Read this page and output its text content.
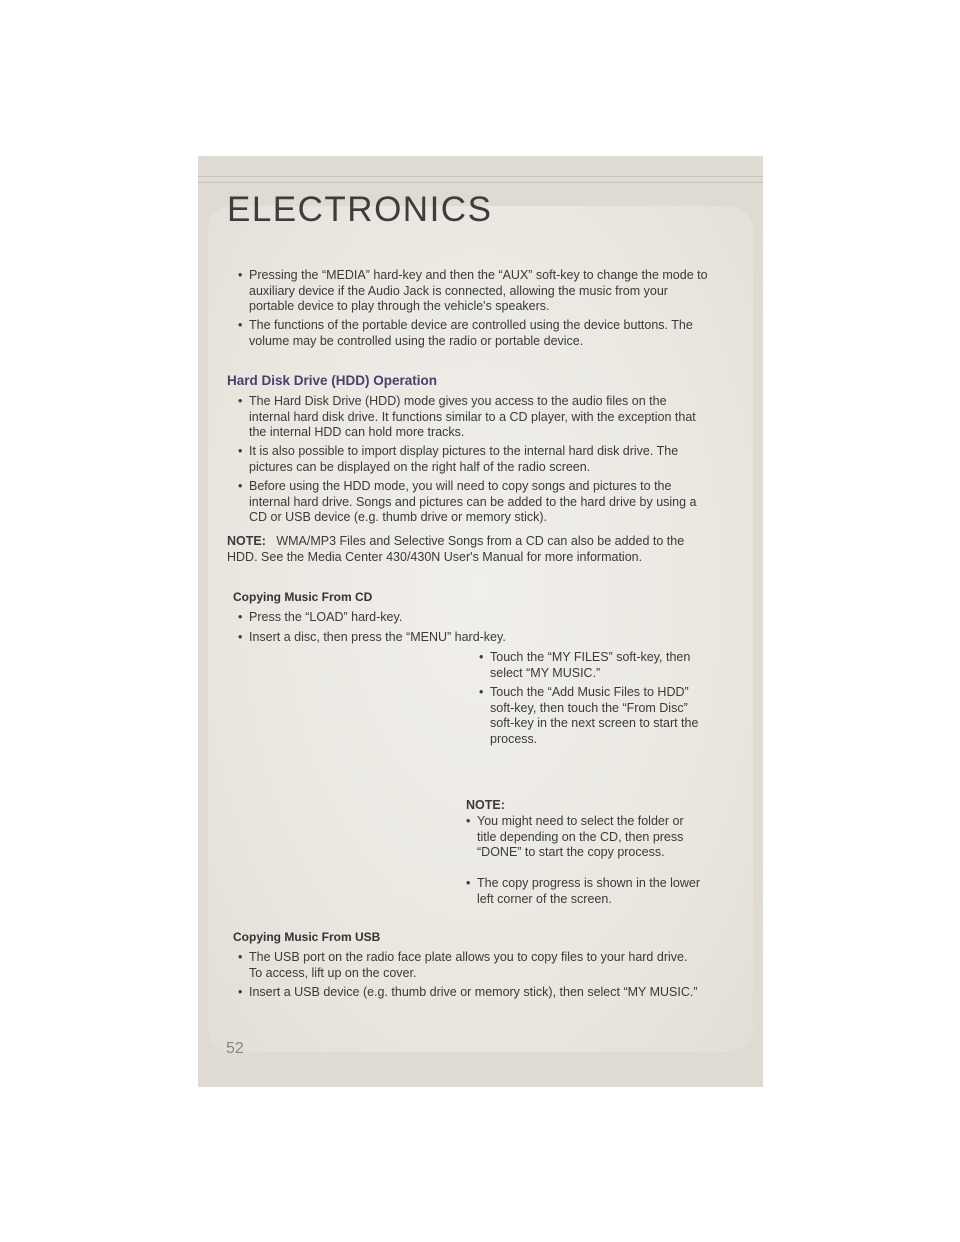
ELECTRONICS
• Pressing the “MEDIA” hard-key and then the “AUX” soft-key to change the mode to auxiliary device if the Audio Jack is connected, allowing the music from your portable device to play through the vehicle's speakers.
• The functions of the portable device are controlled using the device buttons. The volume may be controlled using the radio or portable device.
Hard Disk Drive (HDD) Operation
• The Hard Disk Drive (HDD) mode gives you access to the audio files on the internal hard disk drive. It functions similar to a CD player, with the exception that the internal HDD can hold more tracks.
• It is also possible to import display pictures to the internal hard disk drive. The pictures can be displayed on the right half of the radio screen.
• Before using the HDD mode, you will need to copy songs and pictures to the internal hard drive. Songs and pictures can be added to the hard drive by using a CD or USB device (e.g. thumb drive or memory stick).
NOTE: WMA/MP3 Files and Selective Songs from a CD can also be added to the HDD. See the Media Center 430/430N User's Manual for more information.
Copying Music From CD
• Press the “LOAD” hard-key.
• Insert a disc, then press the “MENU” hard-key.
• Touch the “MY FILES” soft-key, then select “MY MUSIC.”
• Touch the “Add Music Files to HDD” soft-key, then touch the “From Disc” soft-key in the next screen to start the process.
NOTE:
• You might need to select the folder or title depending on the CD, then press “DONE” to start the copy process.
• The copy progress is shown in the lower left corner of the screen.
Copying Music From USB
• The USB port on the radio face plate allows you to copy files to your hard drive. To access, lift up on the cover.
• Insert a USB device (e.g. thumb drive or memory stick), then select “MY MUSIC.”
52
